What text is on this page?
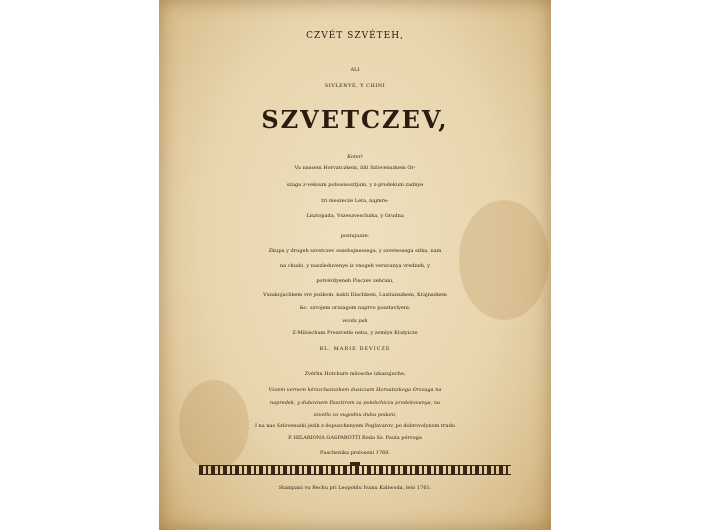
CZVÉT SZVÉTEH,
ALI
SIVLENYE, Y CHINI
SZVETCZEV,
Koteri
Vu nassem Horvatczkem, iliti Szlovenszkem Or-
szagu z-veksum pobosnosztjum, y z-prodekum zadnye
tri meszecze Leta, najmre:
Lisztopada, Vszeszveschaka, y Grudna
postujusze.
Zkupa y drugeh szvetczev oszebujnessega, y szvetessega sitka, nam
na chudo, y naszleduvenye iz vnogeh veruvanya vredneh, y
potvérdyeneh Pisczev zebrani,
Vszakojachkem vre jezikom, kakti Diachkem, Lusitanszkem, Krajnszkem
&c. szvojem orszagom naprvo posztavlyeni;
vezda pak
Z-Miloschum Preszvetle neba, y zemlye Kralyicze
BL. MARIE DEVICZE
Zvérhu Hotchure milosche izkazujuche,
Vszem vernem kérszchanszkem dusiczam Horvatszkoga Orszaga na
napredek, y dubovnem Pasztirom za polebchiczu prodekvvanya, na
szvetlo za vugodnu dubu podani,
I na nas Szlovenszki jezik z-dopuschenyem Poglavarov, po dobrovolynom trudu
P. HILARIONA GASPAROTTI Reda Sz. Paula pérvoga
Puschenika preloseni 1760.
Stampani vu Bechu pri Leopoldu Ivanu Kaliwoda, leto 1761.
